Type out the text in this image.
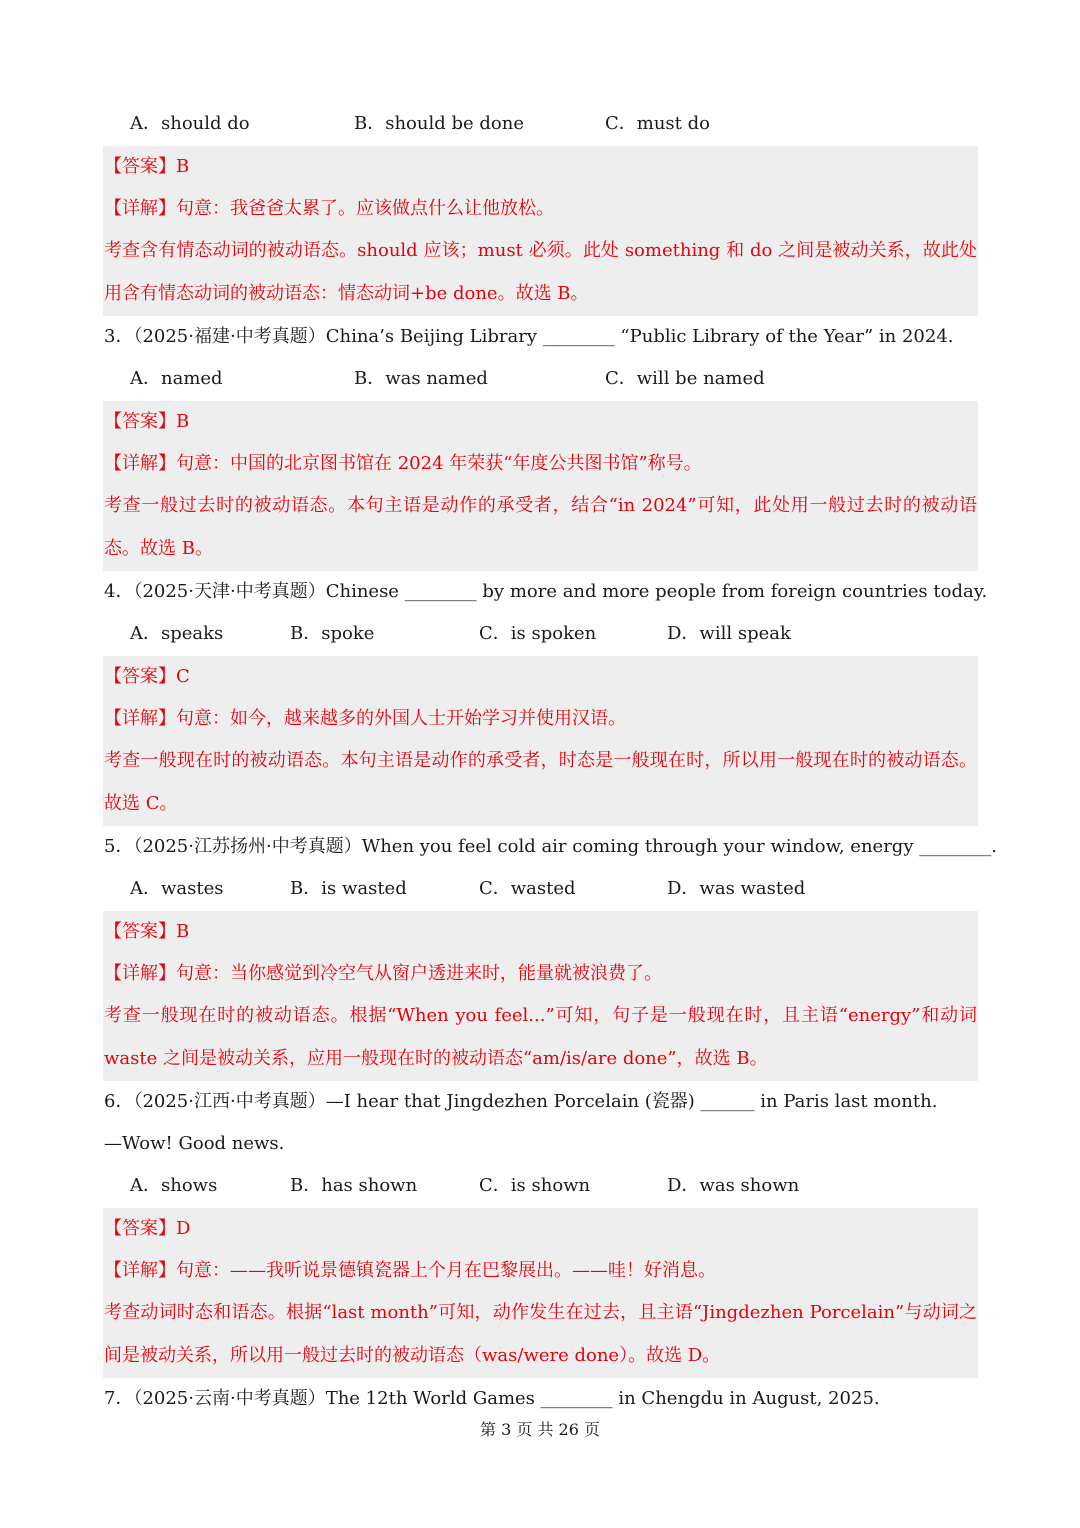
A．should do	B．should be done	C．must do
【答案】B
【详解】句意：我爸爸太累了。应该做点什么让他放松。
考查含有情态动词的被动语态。should 应该；must 必须。此处 something 和 do 之间是被动关系，故此处用含有情态动词的被动语态：情态动词+be done。故选 B。
3．（2025·福建·中考真题）China’s Beijing Library ________ “Public Library of the Year” in 2024.
A．named	B．was named	C．will be named
【答案】B
【详解】句意：中国的北京图书馆在 2024 年荣获“年度公共图书馆”称号。
考查一般过去时的被动语态。本句主语是动作的承受者，结合“in 2024”可知，此处用一般过去时的被动语态。故选 B。
4．（2025·天津·中考真题）Chinese ________ by more and more people from foreign countries today.
A．speaks	B．spoke	C．is spoken	D．will speak
【答案】C
【详解】句意：如今，越来越多的外国人士开始学习并使用汉语。
考查一般现在时的被动语态。本句主语是动作的承受者，时态是一般现在时，所以用一般现在时的被动语态。故选 C。
5．（2025·江苏扬州·中考真题）When you feel cold air coming through your window, energy ________.
A．wastes	B．is wasted	C．wasted	D．was wasted
【答案】B
【详解】句意：当你感觉到冷空气从窗户透进来时，能量就被浪费了。
考查一般现在时的被动语态。根据“When you feel...”可知，句子是一般现在时，且主语“energy”和动词 waste 之间是被动关系，应用一般现在时的被动语态“am/is/are done”，故选 B。
6．（2025·江西·中考真题）—I hear that Jingdezhen Porcelain (瓷器) ______ in Paris last month.
—Wow! Good news.
A．shows	B．has shown	C．is shown	D．was shown
【答案】D
【详解】句意：——我听说景德镇瓷器上个月在巴黎展出。——哇！好消息。
考查动词时态和语态。根据“last month”可知，动作发生在过去，且主语“Jingdezhen Porcelain”与动词之间是被动关系，所以用一般过去时的被动语态（was/were done）。故选 D。
7．（2025·云南·中考真题）The 12th World Games ________ in Chengdu in August, 2025.
第 3 页 共 26 页
